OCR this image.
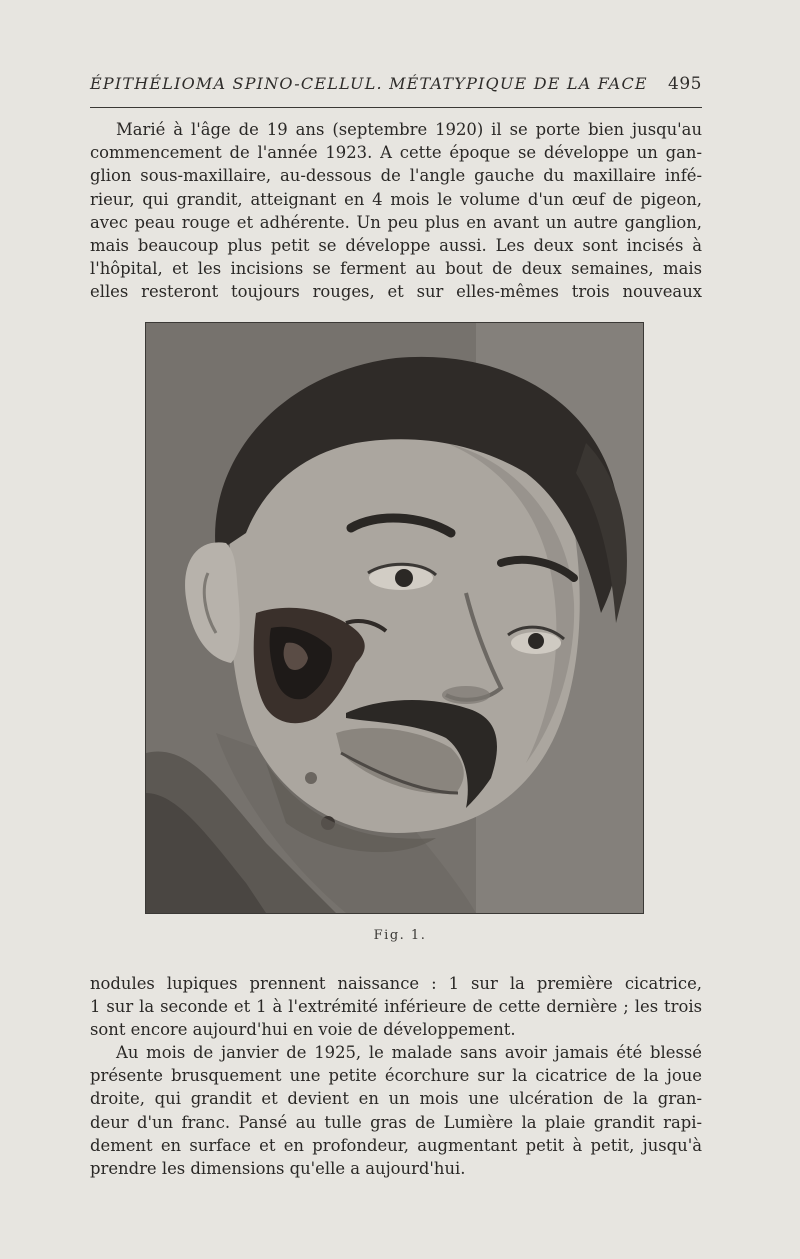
ÉPITHÉLIOMA SPINO-CELLUL. MÉTATYPIQUE DE LA FACE 495

Marié à l'âge de 19 ans (septembre 1920) il se porte bien jusqu'au
commencement de l'année 1923. A cette époque se développe un gan-
glion sous-maxillaire, au-dessous de l'angle gauche du maxillaire infé-
rieur, qui grandit, atteignant en 4 mois le volume d'un œuf de pigeon,
avec peau rouge et adhérente. Un peu plus en avant un autre ganglion,
mais beaucoup plus petit se développe aussi. Les deux sont incisés à
l'hôpital, et les incisions se ferment au bout de deux semaines, mais
elles resteront toujours rouges, et sur elles-mêmes trois nouveaux

Fig. 1.

nodules lupiques prennent naissance : 1 sur la première cicatrice,
1 sur la seconde et 1 à l'extrémité inférieure de cette dernière ; les trois
sont encore aujourd'hui en voie de développement.

Au mois de janvier de 1925, le malade sans avoir jamais été blessé
présente brusquement une petite écorchure sur la cicatrice de la joue
droite, qui grandit et devient en un mois une ulcération de la gran-
deur d'un franc. Pansé au tulle gras de Lumière la plaie grandit rapi-
dement en surface et en profondeur, augmentant petit à petit, jusqu'à
prendre les dimensions qu'elle a aujourd'hui.
